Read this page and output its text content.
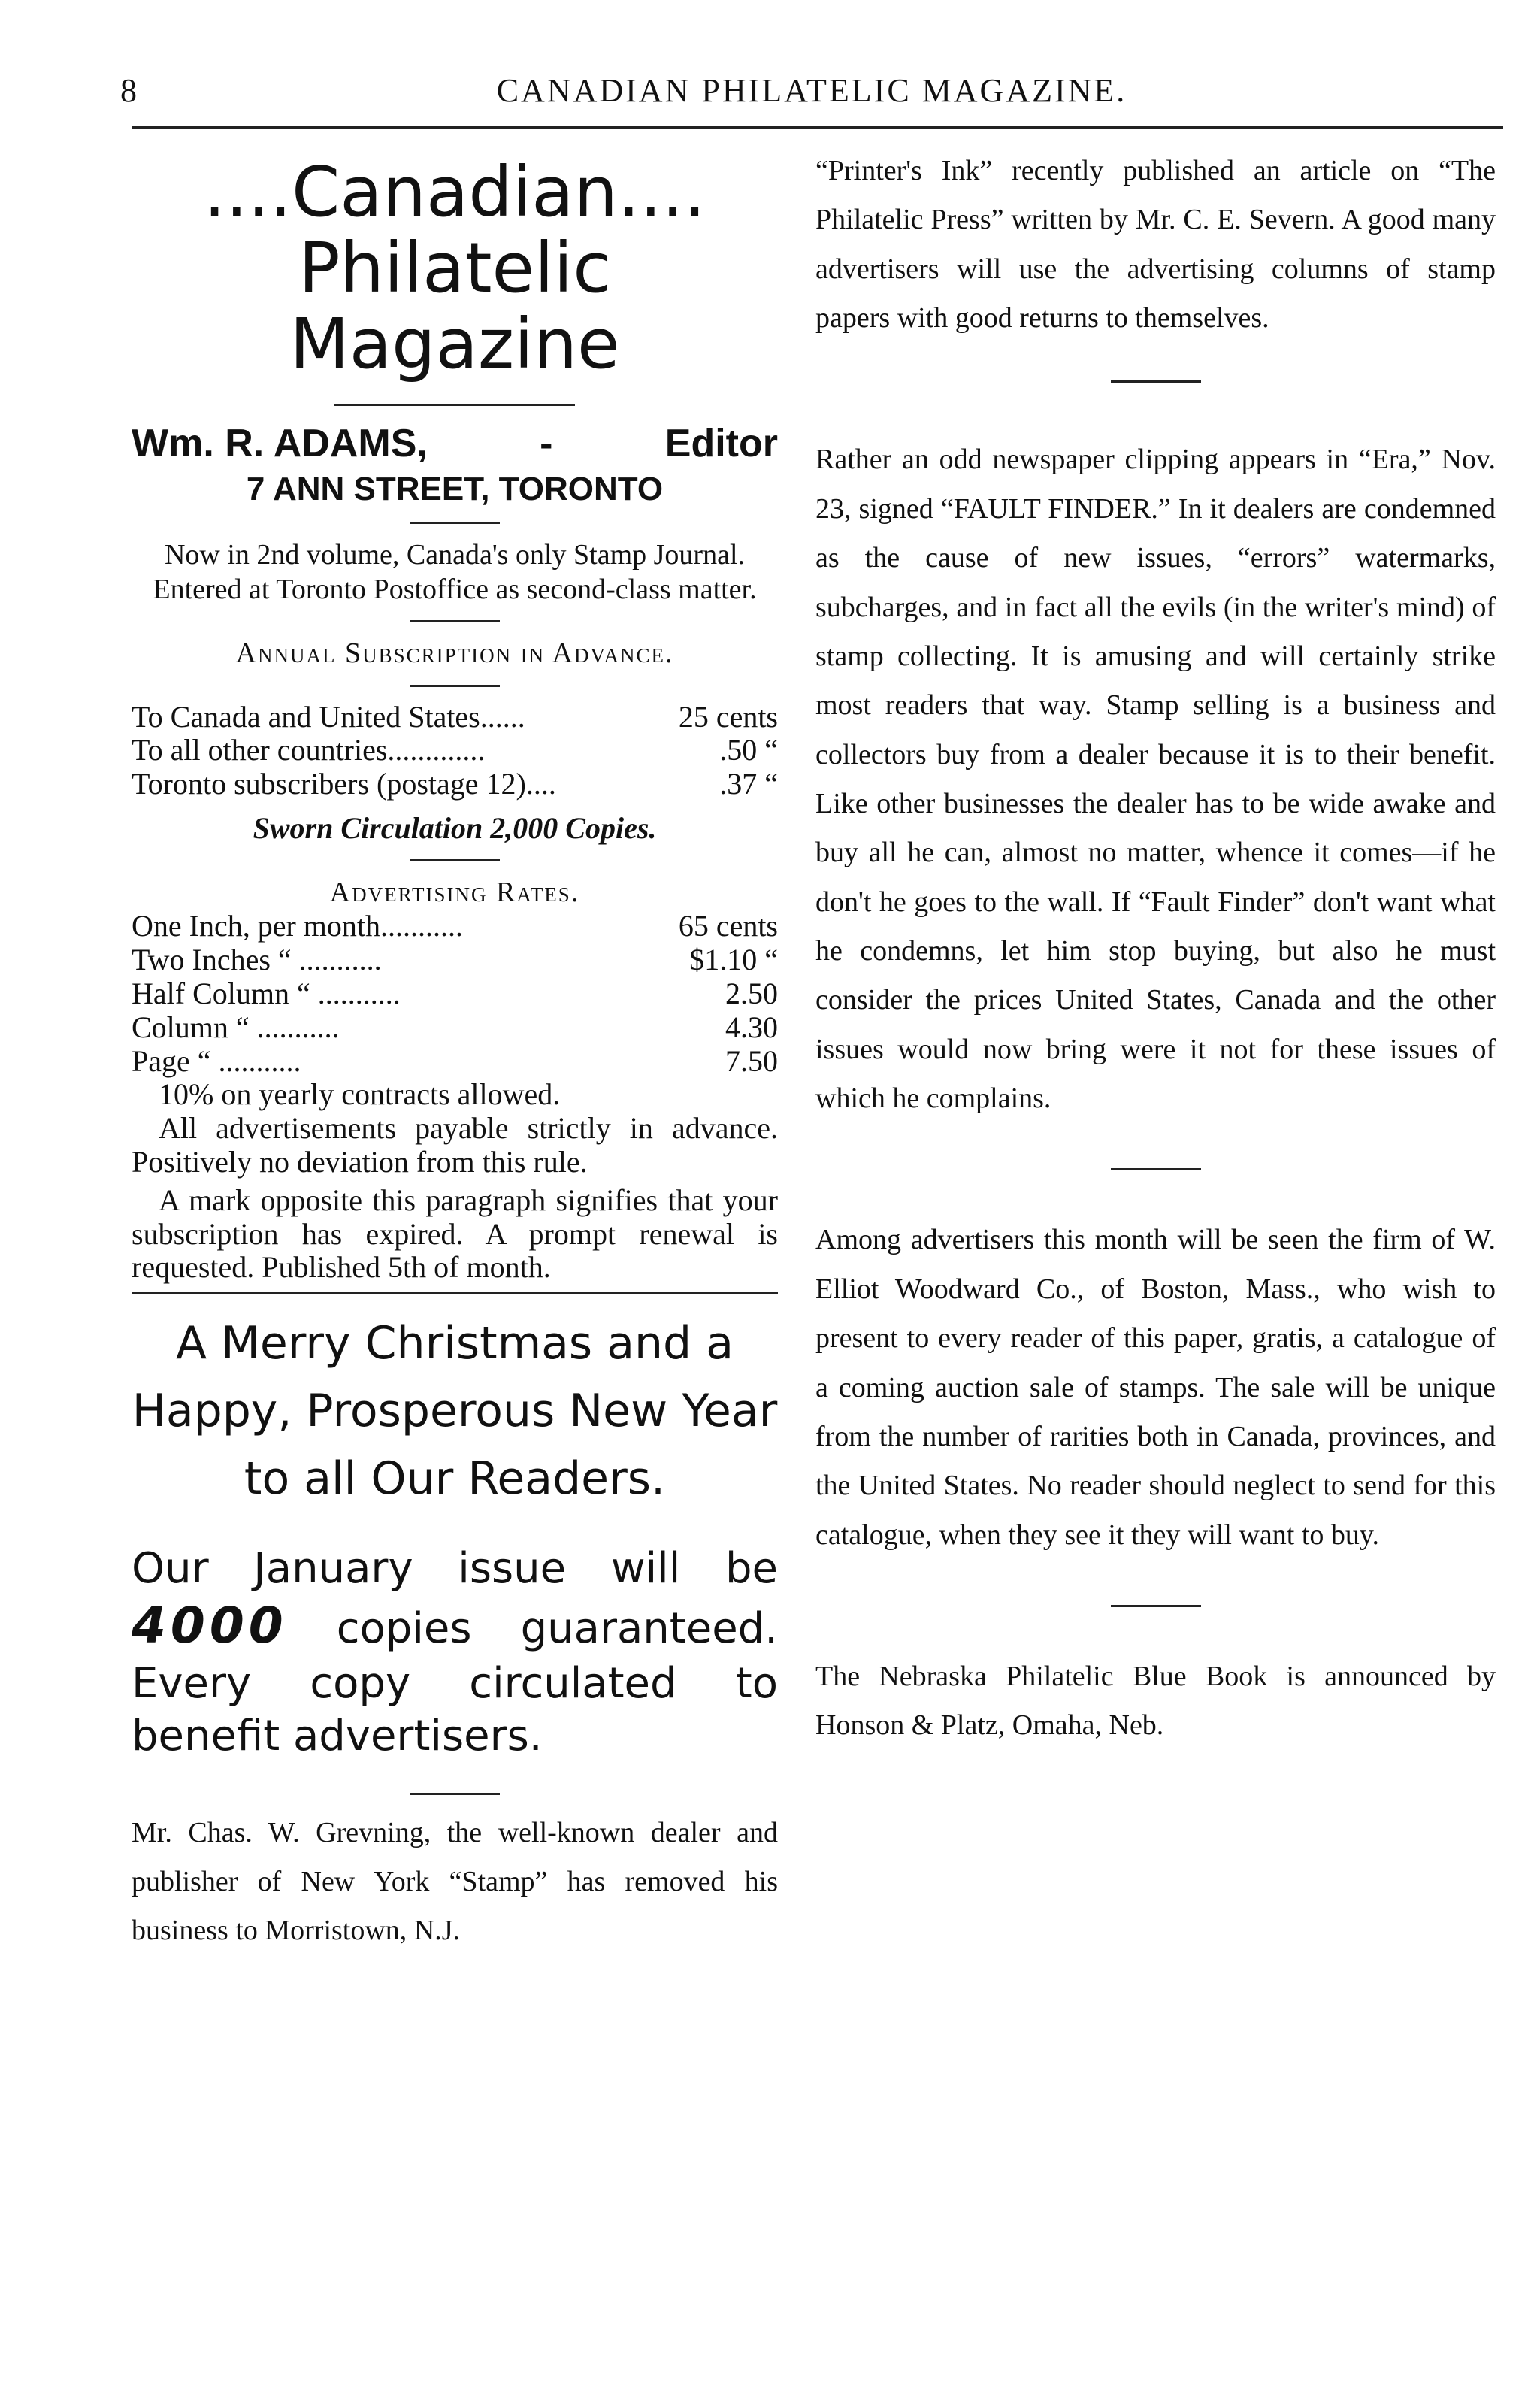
8	CANADIAN PHILATELIC MAGAZINE.
....Canadian....
Philatelic Magazine
Wm. R. ADAMS,	-	Editor
7 ANN STREET, TORONTO
Now in 2nd volume, Canada's only Stamp Journal. Entered at Toronto Postoffice as second-class matter.
Annual Subscription in Advance.
To Canada and United States......	25 cents
To all other countries.............	.50 “
Toronto subscribers (postage 12)....	.37 “
Sworn Circulation 2,000 Copies.
Advertising Rates.
One Inch, per month...........	65 cents
Two Inches “ ...........	$1.10 “
Half Column “ ...........	2.50
Column “ ...........	4.30
Page “ ...........	7.50
10% on yearly contracts allowed.
All advertisements payable strictly in advance. Positively no deviation from this rule.
A mark opposite this paragraph signifies that your subscription has expired. A prompt renewal is requested. Published 5th of month.
A Merry Christmas and a Happy, Prosperous New Year to all Our Readers.
Our January issue will be 4000 copies guaranteed. Every copy circulated to benefit advertisers.

Mr. Chas. W. Grevning, the well-known dealer and publisher of New York “Stamp” has removed his business to Morristown, N.J.

“Printer's Ink” recently published an article on “The Philatelic Press” written by Mr. C. E. Severn. A good many advertisers will use the advertising columns of stamp papers with good returns to themselves.

Rather an odd newspaper clipping appears in “Era,” Nov. 23, signed “FAULT FINDER.” In it dealers are condemned as the cause of new issues, “errors” watermarks, subcharges, and in fact all the evils (in the writer's mind) of stamp collecting. It is amusing and will certainly strike most readers that way. Stamp selling is a business and collectors buy from a dealer because it is to their benefit. Like other businesses the dealer has to be wide awake and buy all he can, almost no matter, whence it comes—if he don't he goes to the wall. If “Fault Finder” don't want what he condemns, let him stop buying, but also he must consider the prices United States, Canada and the other issues would now bring were it not for these issues of which he complains.

Among advertisers this month will be seen the firm of W. Elliot Woodward Co., of Boston, Mass., who wish to present to every reader of this paper, gratis, a catalogue of a coming auction sale of stamps. The sale will be unique from the number of rarities both in Canada, provinces, and the United States. No reader should neglect to send for this catalogue, when they see it they will want to buy.

The Nebraska Philatelic Blue Book is announced by Honson & Platz, Omaha, Neb.
